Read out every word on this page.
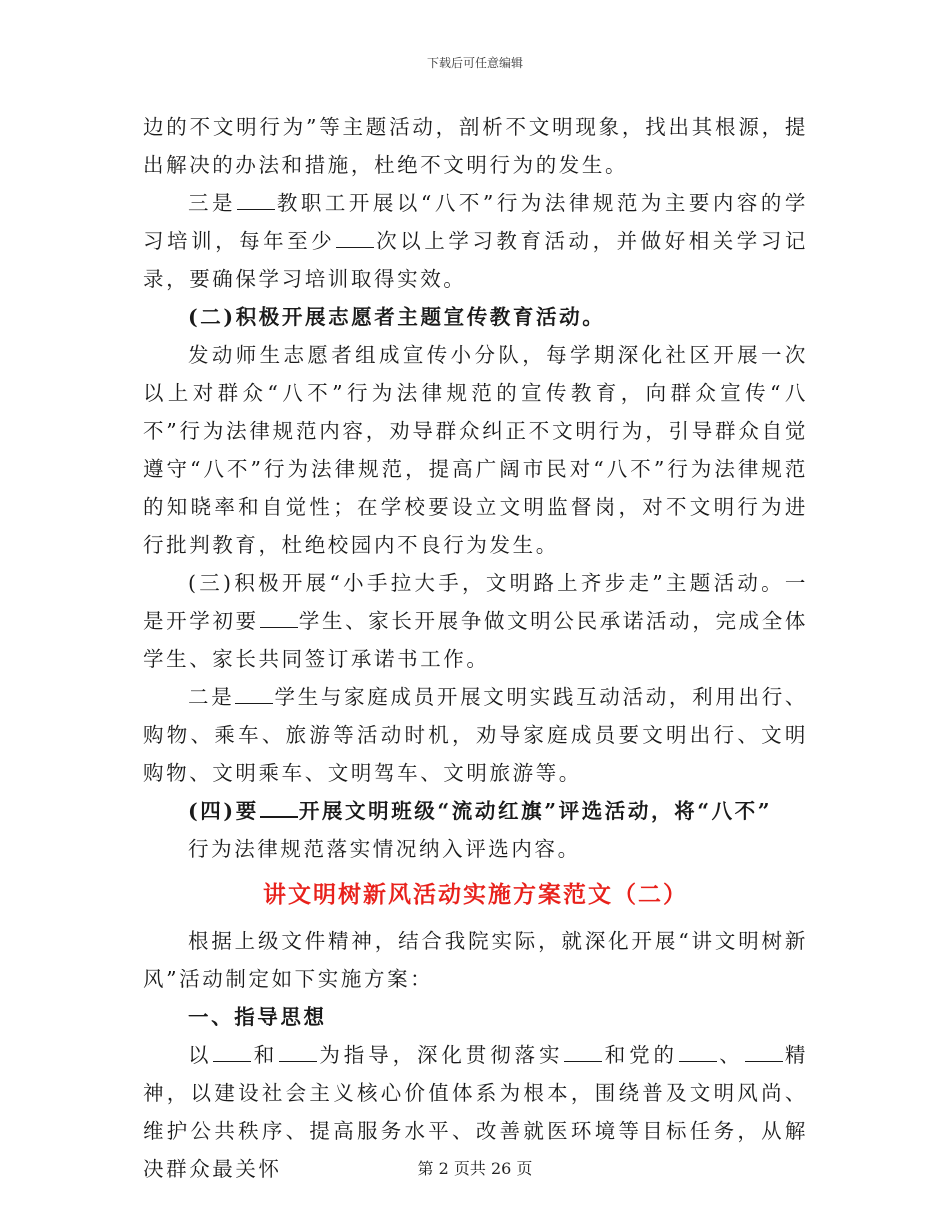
下载后可任意编辑

边的不文明行为”等主题活动，剖析不文明现象，找出其根源，提出解决的办法和措施，杜绝不文明行为的发生。

三是 教职工开展以“八不”行为法律规范为主要内容的学习培训，每年至少 次以上学习教育活动，并做好相关学习记录，要确保学习培训取得实效。

(二)积极开展志愿者主题宣传教育活动。

发动师生志愿者组成宣传小分队，每学期深化社区开展一次以上对群众“八不”行为法律规范的宣传教育，向群众宣传“八不”行为法律规范内容，劝导群众纠正不文明行为，引导群众自觉遵守“八不”行为法律规范，提高广阔市民对“八不”行为法律规范的知晓率和自觉性；在学校要设立文明监督岗，对不文明行为进行批判教育，杜绝校园内不良行为发生。

(三)积极开展“小手拉大手，文明路上齐步走”主题活动。一是开学初要 学生、家长开展争做文明公民承诺活动，完成全体学生、家长共同签订承诺书工作。

二是 学生与家庭成员开展文明实践互动活动，利用出行、购物、乘车、旅游等活动时机，劝导家庭成员要文明出行、文明购物、文明乘车、文明驾车、文明旅游等。

(四)要 开展文明班级“流动红旗”评选活动，将“八不”

行为法律规范落实情况纳入评选内容。

讲文明树新风活动实施方案范文（二）

根据上级文件精神，结合我院实际，就深化开展“讲文明树新风”活动制定如下实施方案：

一、指导思想

以 和 为指导，深化贯彻落实 和党的 、 精神，以建设社会主义核心价值体系为根本，围绕普及文明风尚、维护公共秩序、提高服务水平、改善就医环境等目标任务，从解决群众最关怀	第 2 页共 26 页
